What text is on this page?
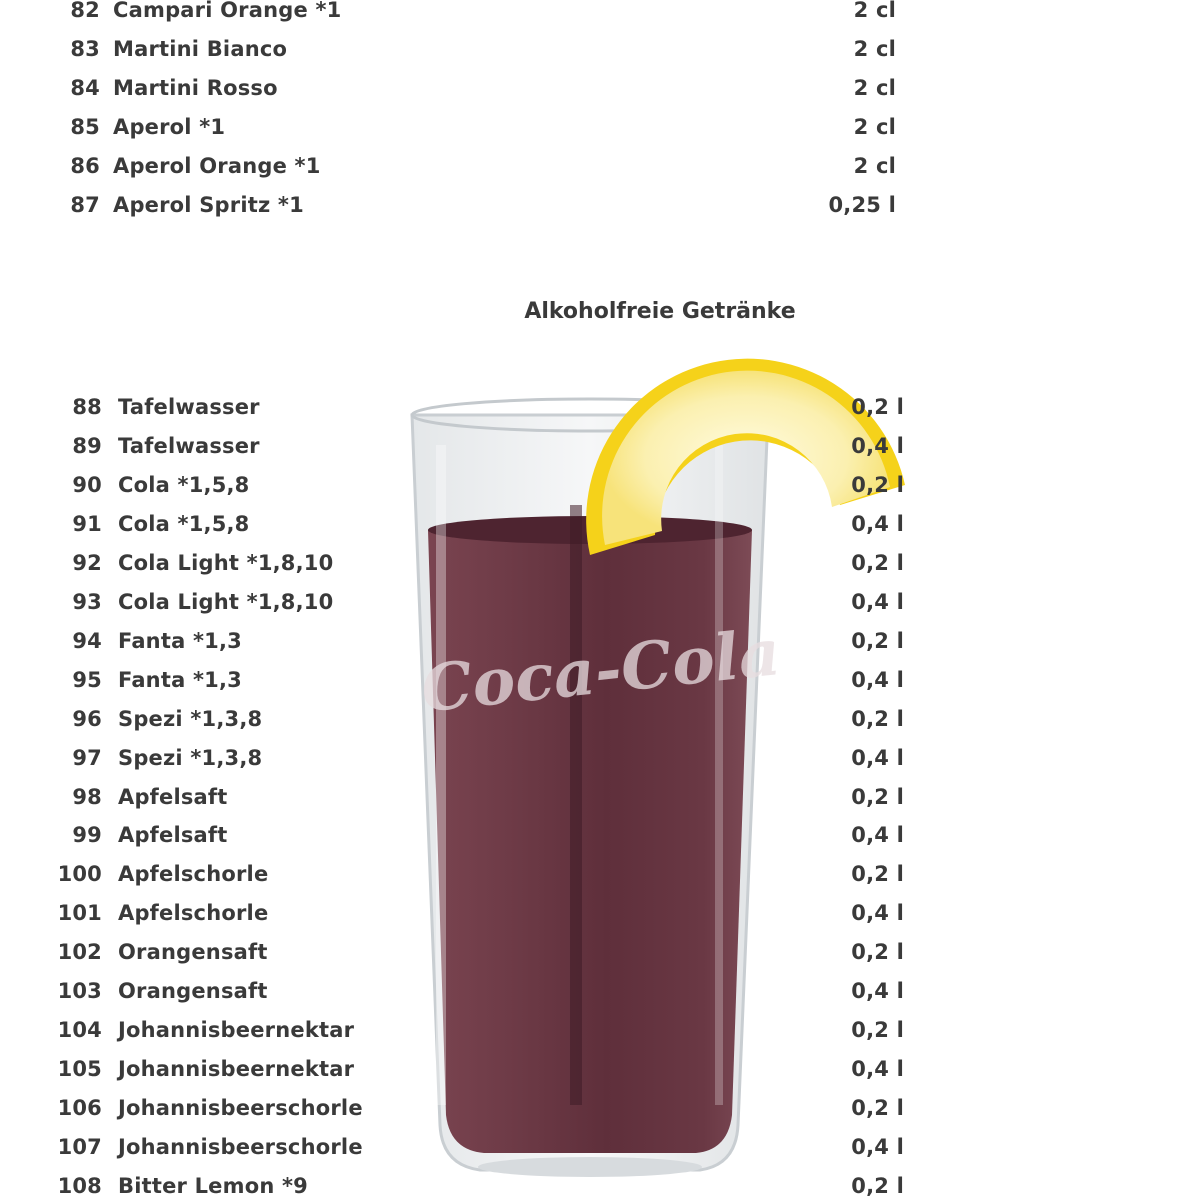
Coca-Cola
Alkoholfreie Getränke
82 Campari Orange *1	2 cl
83 Martini Bianco	2 cl
84 Martini Rosso	2 cl
85 Aperol *1	2 cl
86 Aperol Orange *1	2 cl
87 Aperol Spritz *1	0,25 l
88 Tafelwasser	0,2 l
89 Tafelwasser	0,4 l
90 Cola *1,5,8	0,2 l
91 Cola *1,5,8	0,4 l
92 Cola Light *1,8,10	0,2 l
93 Cola Light *1,8,10	0,4 l
94 Fanta *1,3	0,2 l
95 Fanta *1,3	0,4 l
96 Spezi *1,3,8	0,2 l
97 Spezi *1,3,8	0,4 l
98 Apfelsaft	0,2 l
99 Apfelsaft	0,4 l
100 Apfelschorle	0,2 l
101 Apfelschorle	0,4 l
102 Orangensaft	0,2 l
103 Orangensaft	0,4 l
104 Johannisbeernektar	0,2 l
105 Johannisbeernektar	0,4 l
106 Johannisbeerschorle	0,2 l
107 Johannisbeerschorle	0,4 l
108 Bitter Lemon *9	0,2 l
